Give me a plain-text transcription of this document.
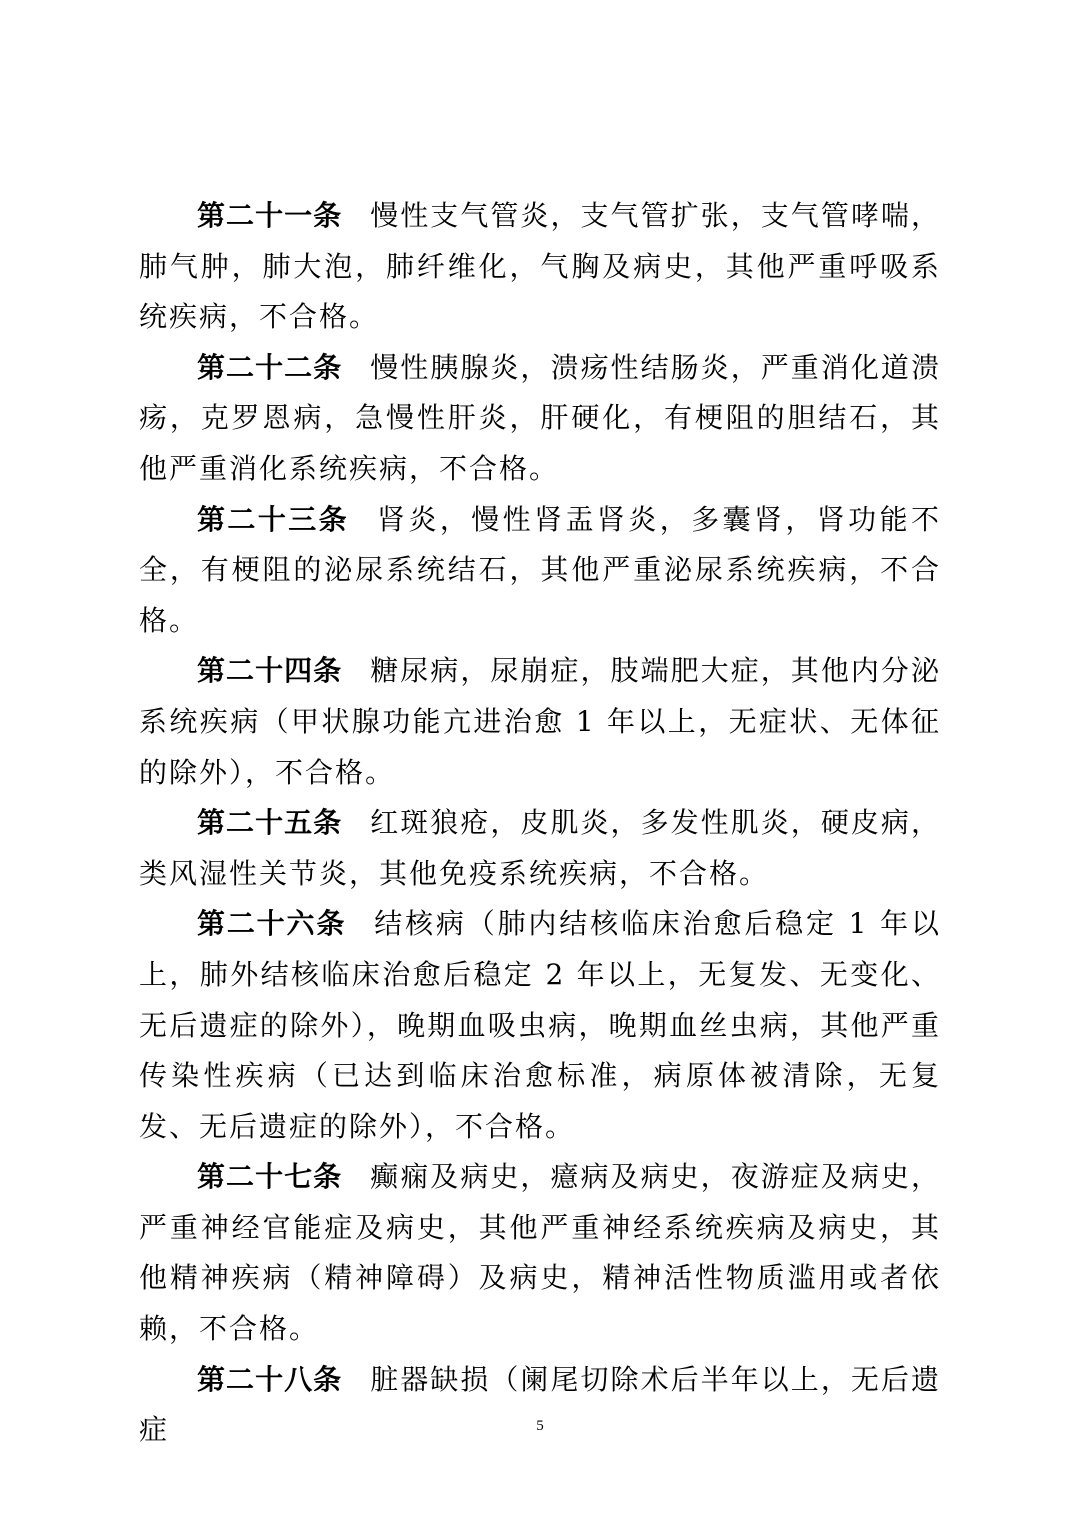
第二十一条 慢性支气管炎，支气管扩张，支气管哮喘，肺气肿，肺大泡，肺纤维化，气胸及病史，其他严重呼吸系统疾病，不合格。

第二十二条 慢性胰腺炎，溃疡性结肠炎，严重消化道溃疡，克罗恩病，急慢性肝炎，肝硬化，有梗阻的胆结石，其他严重消化系统疾病，不合格。

第二十三条 肾炎，慢性肾盂肾炎，多囊肾，肾功能不全，有梗阻的泌尿系统结石，其他严重泌尿系统疾病，不合格。

第二十四条 糖尿病，尿崩症，肢端肥大症，其他内分泌系统疾病（甲状腺功能亢进治愈 1 年以上，无症状、无体征的除外），不合格。

第二十五条 红斑狼疮，皮肌炎，多发性肌炎，硬皮病，类风湿性关节炎，其他免疫系统疾病，不合格。

第二十六条 结核病（肺内结核临床治愈后稳定 1 年以上，肺外结核临床治愈后稳定 2 年以上，无复发、无变化、无后遗症的除外），晚期血吸虫病，晚期血丝虫病，其他严重传染性疾病（已达到临床治愈标准，病原体被清除，无复发、无后遗症的除外），不合格。

第二十七条 癫痫及病史，癔病及病史，夜游症及病史，严重神经官能症及病史，其他严重神经系统疾病及病史，其他精神疾病（精神障碍）及病史，精神活性物质滥用或者依赖，不合格。

第二十八条 脏器缺损（阑尾切除术后半年以上，无后遗症	5
